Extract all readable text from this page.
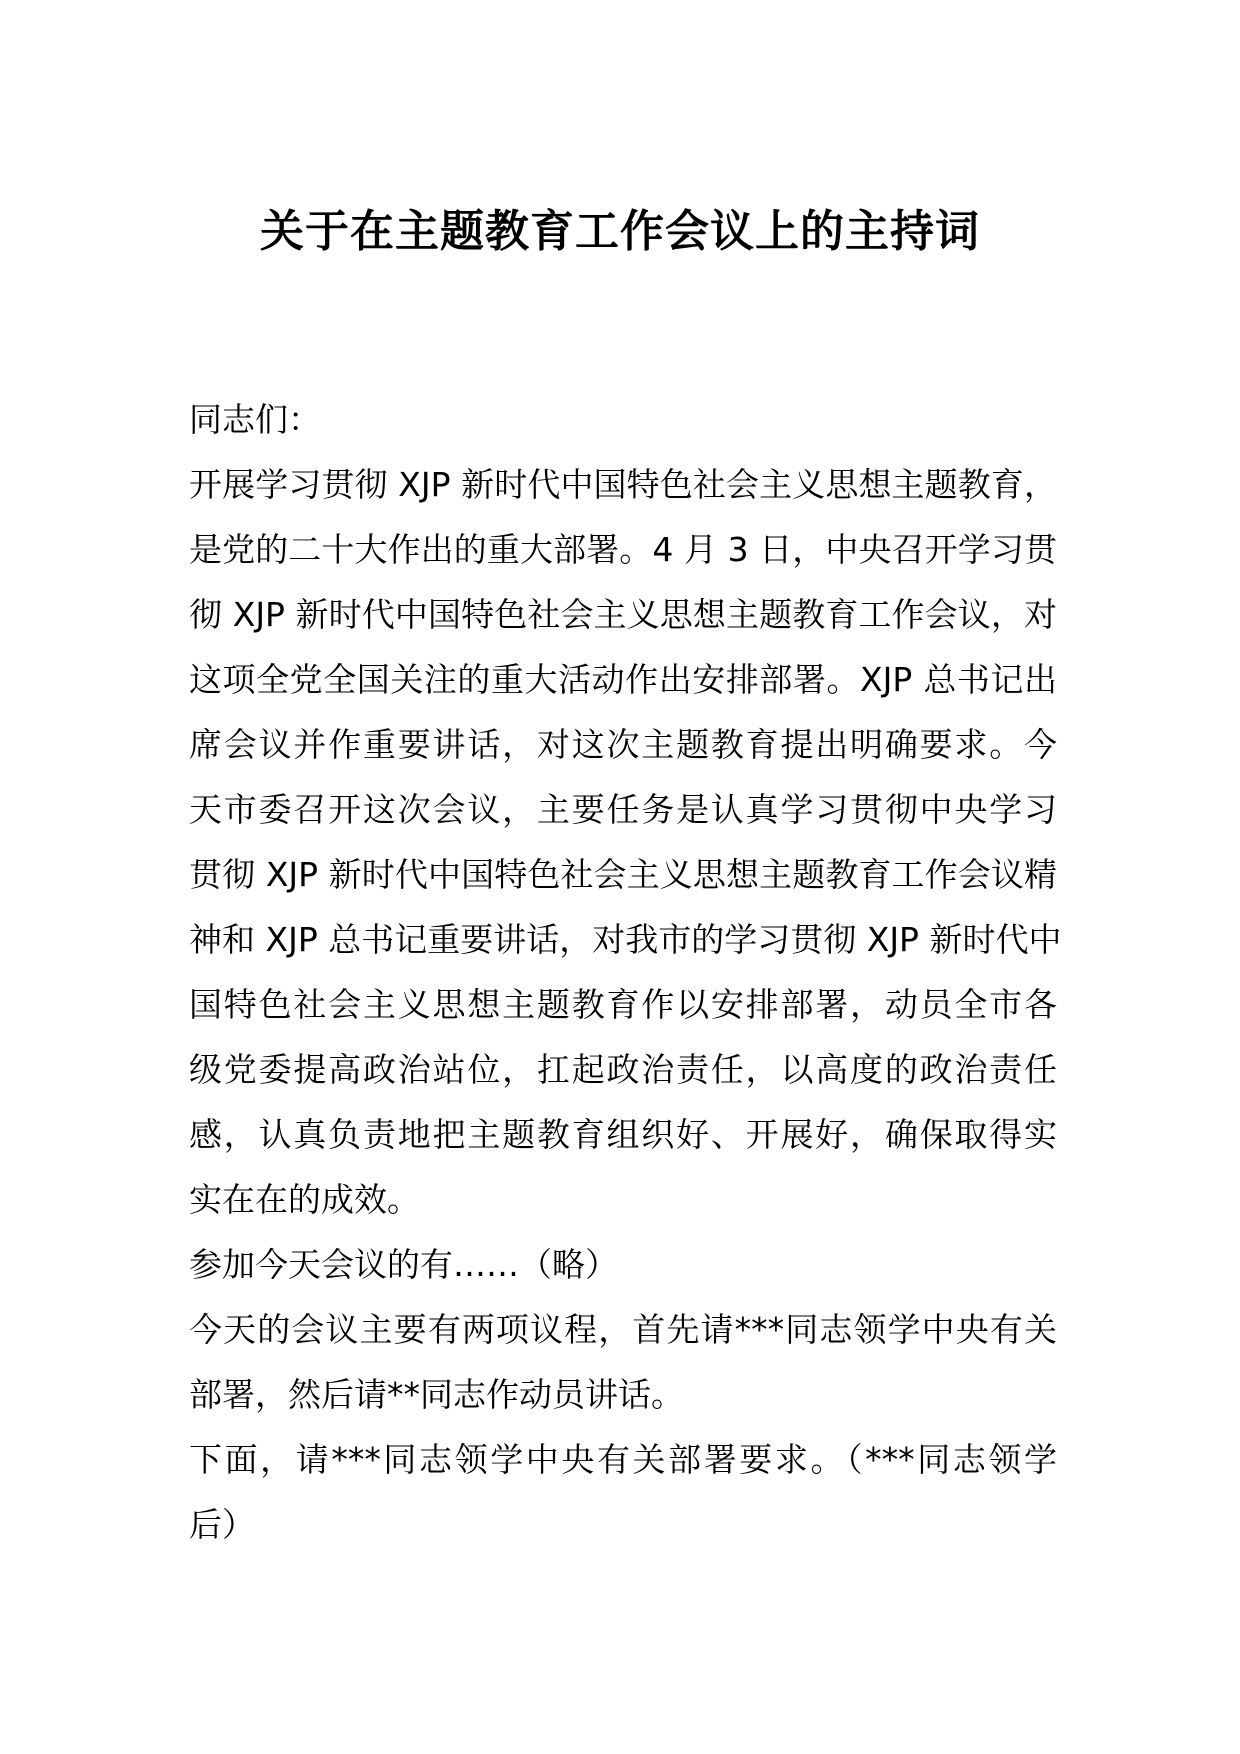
关于在主题教育工作会议上的主持词

同志们：

开展学习贯彻 XJP 新时代中国特色社会主义思想主题教育，

是党的二十大作出的重大部署。4 月 3 日，中央召开学习贯

彻 XJP 新时代中国特色社会主义思想主题教育工作会议，对

这项全党全国关注的重大活动作出安排部署。XJP 总书记出

席会议并作重要讲话，对这次主题教育提出明确要求。今

天市委召开这次会议，主要任务是认真学习贯彻中央学习

贯彻 XJP 新时代中国特色社会主义思想主题教育工作会议精

神和 XJP 总书记重要讲话，对我市的学习贯彻 XJP 新时代中

国特色社会主义思想主题教育作以安排部署，动员全市各

级党委提高政治站位，扛起政治责任，以高度的政治责任

感，认真负责地把主题教育组织好、开展好，确保取得实

实在在的成效。

参加今天会议的有……（略）

今天的会议主要有两项议程，首先请***同志领学中央有关

部署，然后请**同志作动员讲话。

下面，请***同志领学中央有关部署要求。（***同志领学

后）
